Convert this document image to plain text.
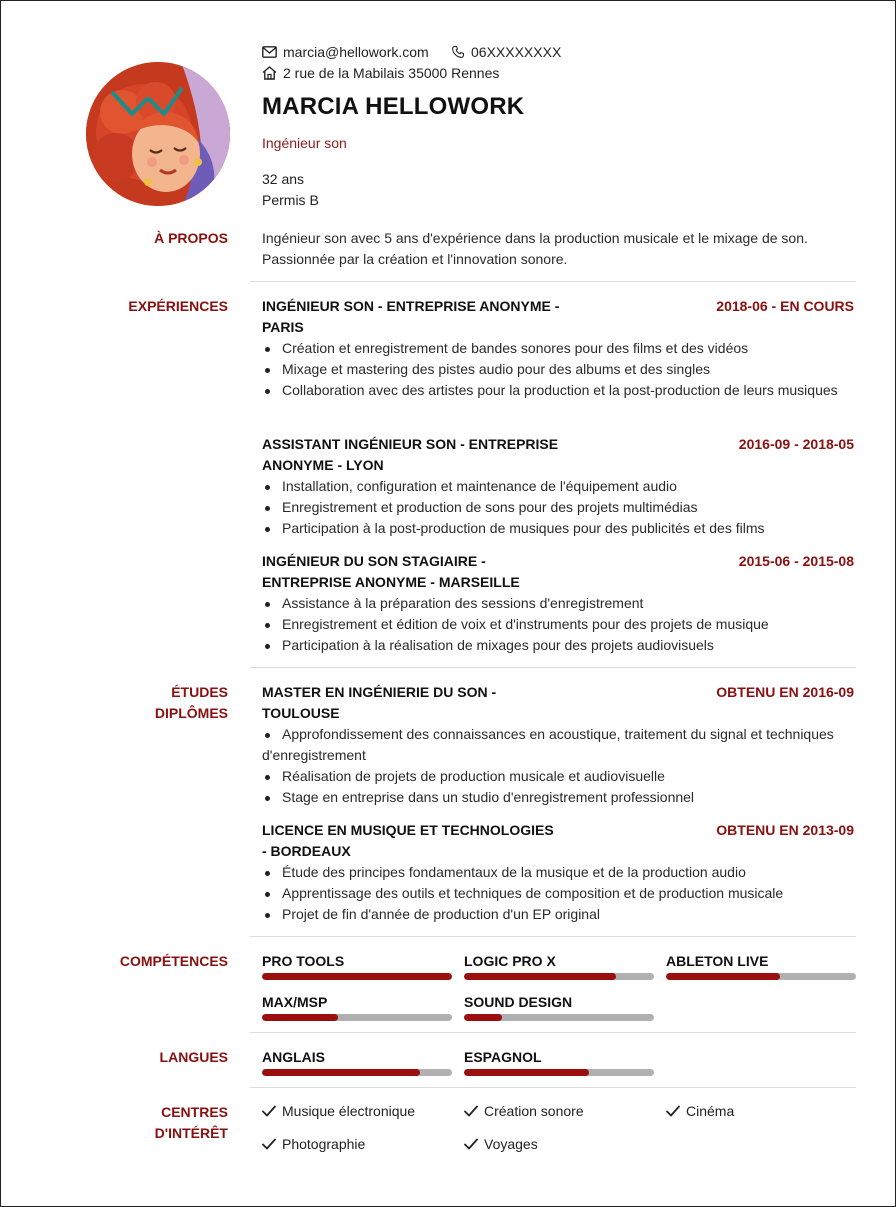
marcia@hellowork.com	06XXXXXXXX
2 rue de la Mabilais 35000 Rennes
MARCIA HELLOWORK
Ingénieur son
32 ans
Permis B
À PROPOS Ingénieur son avec 5 ans d'expérience dans la production musicale et le mixage de son.
Passionnée par la création et l'innovation sonore.
EXPÉRIENCES INGÉNIEUR SON - ENTREPRISE ANONYME -
PARIS
2018-06 - EN COURS
Création et enregistrement de bandes sonores pour des films et des vidéos
Mixage et mastering des pistes audio pour des albums et des singles
Collaboration avec des artistes pour la production et la post-production de leurs musiques
ASSISTANT INGÉNIEUR SON - ENTREPRISE
ANONYME - LYON
2016-09 - 2018-05
Installation, configuration et maintenance de l'équipement audio
Enregistrement et production de sons pour des projets multimédias
Participation à la post-production de musiques pour des publicités et des films
INGÉNIEUR DU SON STAGIAIRE -
ENTREPRISE ANONYME - MARSEILLE
2015-06 - 2015-08
Assistance à la préparation des sessions d'enregistrement
Enregistrement et édition de voix et d'instruments pour des projets de musique
Participation à la réalisation de mixages pour des projets audiovisuels
ÉTUDES
DIPLÔMES
MASTER EN INGÉNIERIE DU SON -
TOULOUSE
OBTENU EN 2016-09
Approfondissement des connaissances en acoustique, traitement du signal et techniques d'enregistrement
Réalisation de projets de production musicale et audiovisuelle
Stage en entreprise dans un studio d'enregistrement professionnel
LICENCE EN MUSIQUE ET TECHNOLOGIES
- BORDEAUX
OBTENU EN 2013-09
Étude des principes fondamentaux de la musique et de la production audio
Apprentissage des outils et techniques de composition et de production musicale
Projet de fin d'année de production d'un EP original
COMPÉTENCES PRO TOOLS	LOGIC PRO X	ABLETON LIVE
MAX/MSP	SOUND DESIGN
LANGUES ANGLAIS	ESPAGNOL
CENTRES
D'INTÉRÊT
Musique électronique	Création sonore	Cinéma
Photographie	Voyages
